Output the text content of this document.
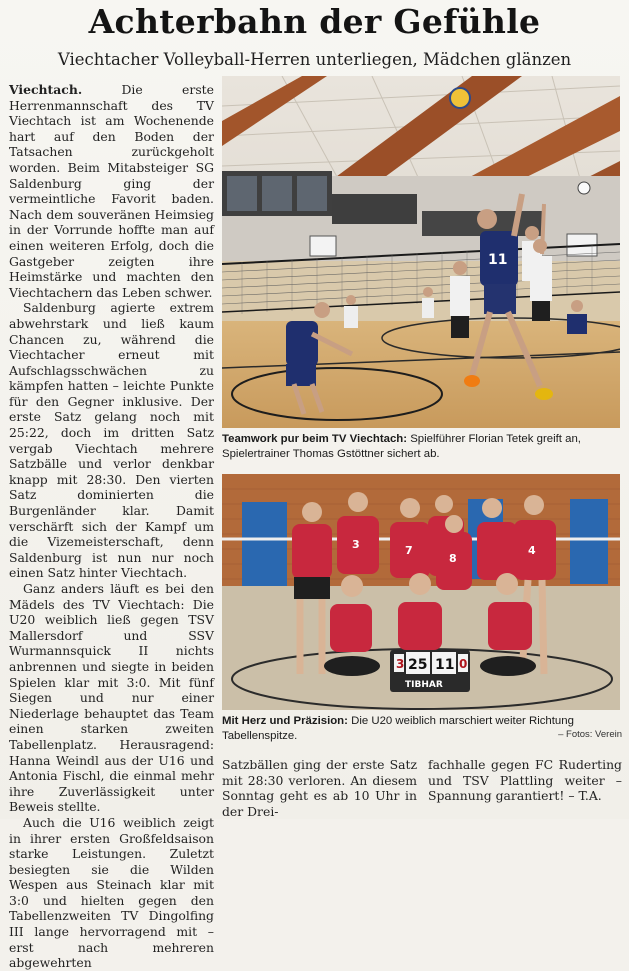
Achterbahn der Gefühle

Viechtacher Volleyball-Herren unterliegen, Mädchen glänzen

Viechtach. Die erste Herrenmannschaft des TV Viechtach ist am Wochenende hart auf den Boden der Tatsachen zurückgeholt worden. Beim Mitabsteiger SG Saldenburg ging der vermeintliche Favorit baden. Nach dem souveränen Heimsieg in der Vorrunde hoffte man auf einen weiteren Erfolg, doch die Gastgeber zeigten ihre Heimstärke und machten den Viechtachern das Leben schwer.

Saldenburg agierte extrem abwehrstark und ließ kaum Chancen zu, während die Viechtacher erneut mit Aufschlagsschwächen zu kämpfen hatten – leichte Punkte für den Gegner inklusive. Der erste Satz gelang noch mit 25:22, doch im dritten Satz vergab Viechtach mehrere Satzbälle und verlor denkbar knapp mit 28:30. Den vierten Satz dominierten die Burgenländer klar. Damit verschärft sich der Kampf um die Vizemeisterschaft, denn Saldenburg ist nun nur noch einen Satz hinter Viechtach.

Ganz anders läuft es bei den Mädels des TV Viechtach: Die U20 weiblich ließ gegen TSV Mallersdorf und SSV Wurmannsquick II nichts anbrennen und siegte in beiden Spielen klar mit 3:0. Mit fünf Siegen und nur einer Niederlage behauptet das Team einen starken zweiten Tabellenplatz. Herausragend: Hanna Weindl aus der U16 und Antonia Fischl, die einmal mehr ihre Zuverlässigkeit unter Beweis stellte.

Auch die U16 weiblich zeigt in ihrer ersten Großfeldsaison starke Leistungen. Zuletzt besiegten sie die Wilden Wespen aus Steinach klar mit 3:0 und hielten gegen den Tabellenzweiten TV Dingolfing III lange hervorragend mit – erst nach mehreren abgewehrten

11
Teamwork pur beim TV Viechtach: Spielführer Florian Tetek greift an, Spielertrainer Thomas Gstöttner sichert ab.
3	7
8
4
3 25 11 0
TIBHAR
Mit Herz und Präzision: Die U20 weiblich marschiert weiter Richtung Tabellenspitze.	– Fotos: Verein

Satzbällen ging der erste Satz mit 28:30 verloren. An diesem Sonntag geht es ab 10 Uhr in der Drei-

fachhalle gegen FC Ruderting und TSV Plattling weiter – Spannung garantiert! – T.A.
